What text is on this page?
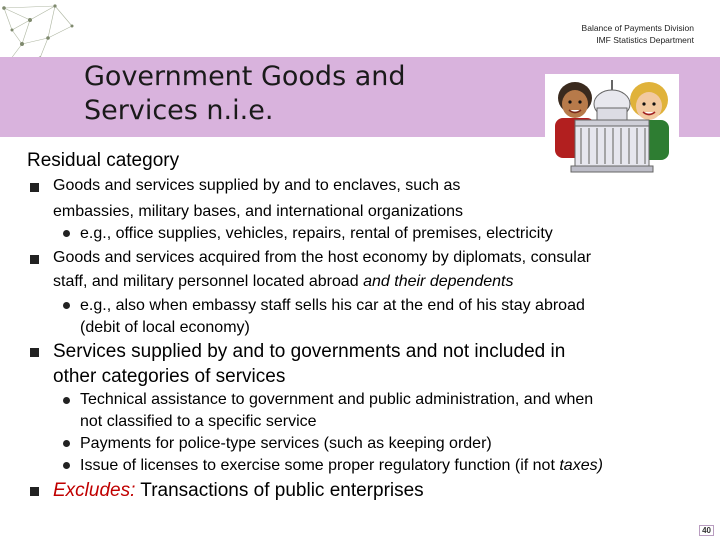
Balance of Payments Division
IMF Statistics Department
Government Goods and
Services n.i.e.
Residual category
Goods and services supplied by and to enclaves, such as
embassies, military bases, and international organizations
e.g., office supplies, vehicles, repairs, rental of premises, electricity
Goods and services acquired from the host economy by diplomats, consular
staff, and military personnel located abroad and their dependents
e.g., also when embassy staff sells his car at the end of his stay abroad
(debit of local economy)
Services supplied by and to governments and not included in
other categories of services
Technical assistance to government and public administration, and when
not classified to a specific service
Payments for police-type services (such as keeping order)
Issue of licenses to exercise some proper regulatory function (if not taxes)
Excludes: Transactions of public enterprises
40
